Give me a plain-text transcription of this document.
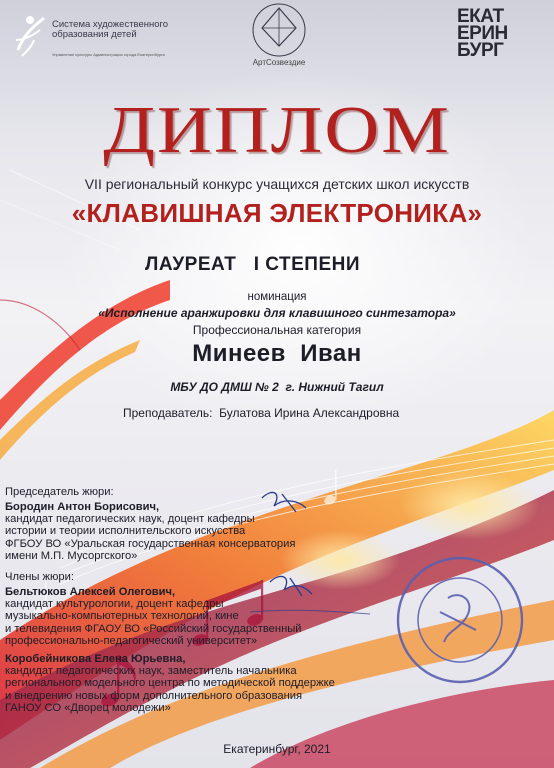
Система художественного образования детей
Управление культуры Администрации города Екатеринбурга
АртСозвездие
ЕКАТ
ЕРИН
БУРГ
ДИПЛОМ
VII региональный конкурс учащихся детских школ искусств
«КЛАВИШНАЯ ЭЛЕКТРОНИКА»
ЛАУРЕАТ   I СТЕПЕНИ
номинация
«Исполнение аранжировки для клавишного синтезатора»
Профессиональная категория
Минеев  Иван
МБУ ДО ДМШ № 2  г. Нижний Тагил
Преподаватель:  Булатова Ирина Александровна
Председатель жюри:
Бородин Антон Борисович,
кандидат педагогических наук, доцент кафедры
истории и теории исполнительского искусства
ФГБОУ ВО «Уральская государственная консерватория
имени М.П. Мусоргского»
Члены жюри:
Бельтюков Алексей Олегович,
кандидат культурологии, доцент кафедры
музыкально-компьютерных технологий, кине
и телевидения ФГАОУ ВО «Российский государственный
профессионально-педагогический университет»
Коробейникова Елена Юрьевна,
кандидат педагогических наук, заместитель начальника
регионального модельного центра по методической поддержке
и внедрению новых форм дополнительного образования
ГАНОУ СО «Дворец молодежи»
Екатеринбург, 2021
